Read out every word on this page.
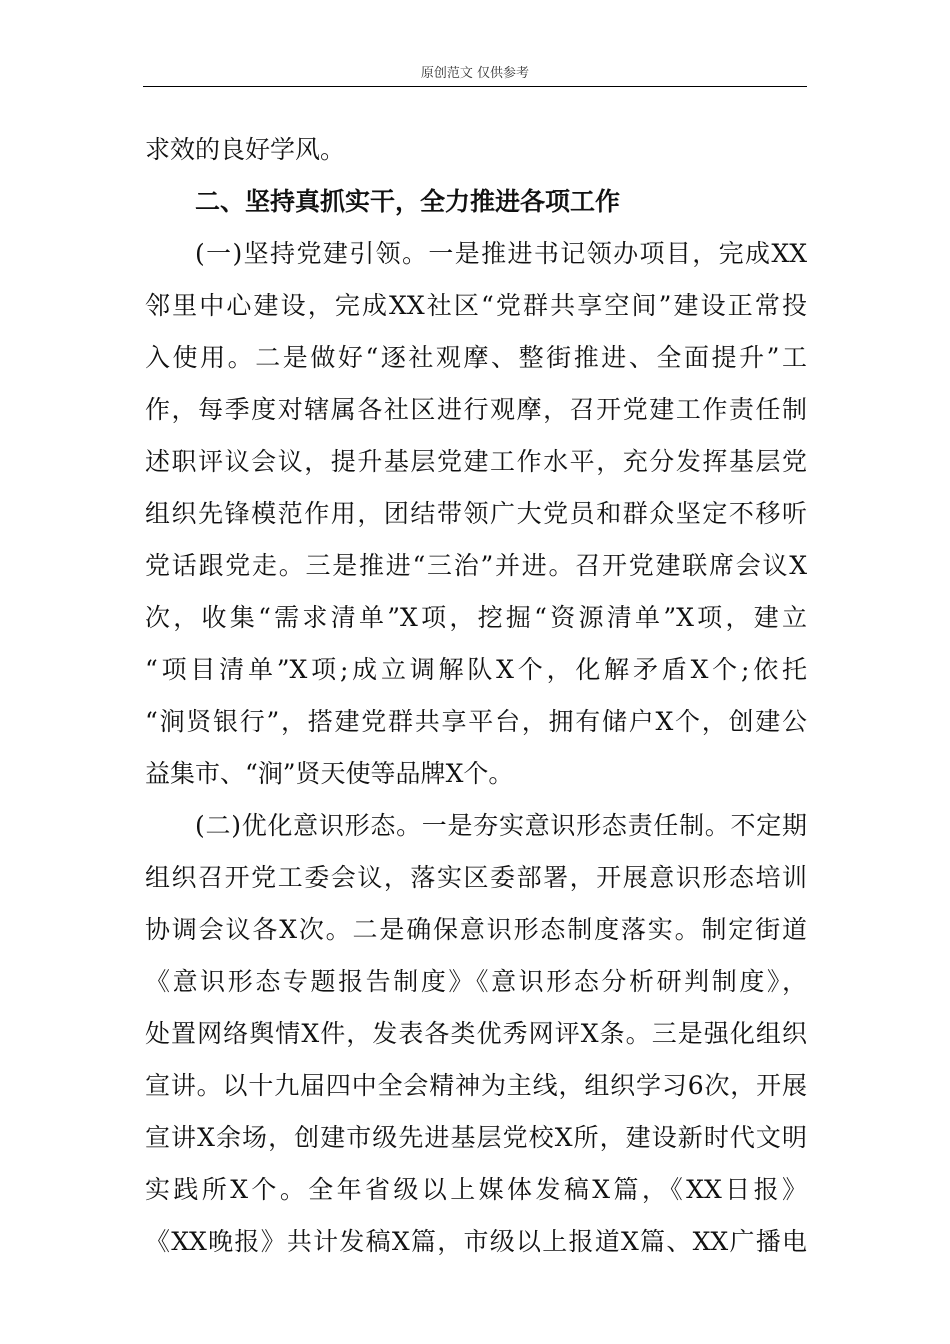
原创范文 仅供参考
求效的良好学风。
二、坚持真抓实干，全力推进各项工作
(一)坚持党建引领。一是推进书记领办项目，完成XX
邻里中心建设，完成XX社区“党群共享空间”建设正常投
入使用。二是做好“逐社观摩、整街推进、全面提升”工
作，每季度对辖属各社区进行观摩，召开党建工作责任制
述职评议会议，提升基层党建工作水平，充分发挥基层党
组织先锋模范作用，团结带领广大党员和群众坚定不移听
党话跟党走。三是推进“三治”并进。召开党建联席会议X
次，收集“需求清单”X项，挖掘“资源清单”X项，建立
“项目清单”X项;成立调解队X个，化解矛盾X个;依托
“涧贤银行”，搭建党群共享平台，拥有储户X个，创建公
益集市、“涧”贤天使等品牌X个。
(二)优化意识形态。一是夯实意识形态责任制。不定期
组织召开党工委会议，落实区委部署，开展意识形态培训
协调会议各X次。二是确保意识形态制度落实。制定街道
《意识形态专题报告制度》《意识形态分析研判制度》，
处置网络舆情X件，发表各类优秀网评X条。三是强化组织
宣讲。以十九届四中全会精神为主线，组织学习6次，开展
宣讲X余场，创建市级先进基层党校X所，建设新时代文明
实践所X个。全年省级以上媒体发稿X篇，《XX日报》
《XX晚报》共计发稿X篇，市级以上报道X篇、XX广播电
